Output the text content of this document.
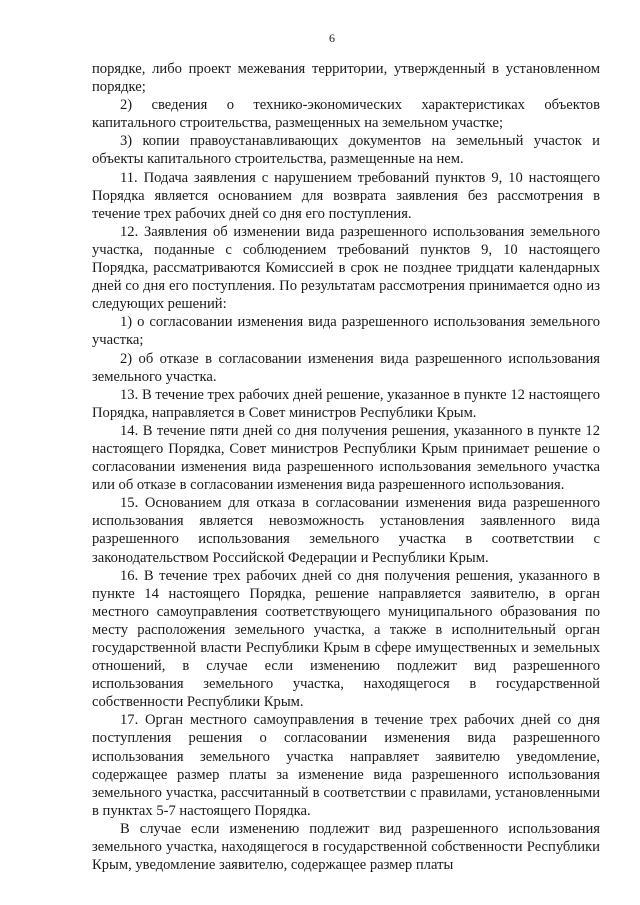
6

порядке, либо проект межевания территории, утвержденный в установленном порядке;

2) сведения о технико-экономических характеристиках объектов капитального строительства, размещенных на земельном участке;

3) копии правоустанавливающих документов на земельный участок и объекты капитального строительства, размещенные на нем.

11. Подача заявления с нарушением требований пунктов 9, 10 настоящего Порядка является основанием для возврата заявления без рассмотрения в течение трех рабочих дней со дня его поступления.

12. Заявления об изменении вида разрешенного использования земельного участка, поданные с соблюдением требований пунктов 9, 10 настоящего Порядка, рассматриваются Комиссией в срок не позднее тридцати календарных дней со дня его поступления. По результатам рассмотрения принимается одно из следующих решений:

1) о согласовании изменения вида разрешенного использования земельного участка;

2) об отказе в согласовании изменения вида разрешенного использования земельного участка.

13. В течение трех рабочих дней решение, указанное в пункте 12 настоящего Порядка, направляется в Совет министров Республики Крым.

14. В течение пяти дней со дня получения решения, указанного в пункте 12 настоящего Порядка, Совет министров Республики Крым принимает решение о согласовании изменения вида разрешенного использования земельного участка или об отказе в согласовании изменения вида разрешенного использования.

15. Основанием для отказа в согласовании изменения вида разрешенного использования является невозможность установления заявленного вида разрешенного использования земельного участка в соответствии с законодательством Российской Федерации и Республики Крым.

16. В течение трех рабочих дней со дня получения решения, указанного в пункте 14 настоящего Порядка, решение направляется заявителю, в орган местного самоуправления соответствующего муниципального образования по месту расположения земельного участка, а также в исполнительный орган государственной власти Республики Крым в сфере имущественных и земельных отношений, в случае если изменению подлежит вид разрешенного использования земельного участка, находящегося в государственной собственности Республики Крым.

17. Орган местного самоуправления в течение трех рабочих дней со дня поступления решения о согласовании изменения вида разрешенного использования земельного участка направляет заявителю уведомление, содержащее размер платы за изменение вида разрешенного использования земельного участка, рассчитанный в соответствии с правилами, установленными в пунктах 5-7 настоящего Порядка.

В случае если изменению подлежит вид разрешенного использования земельного участка, находящегося в государственной собственности Республики Крым, уведомление заявителю, содержащее размер платы
